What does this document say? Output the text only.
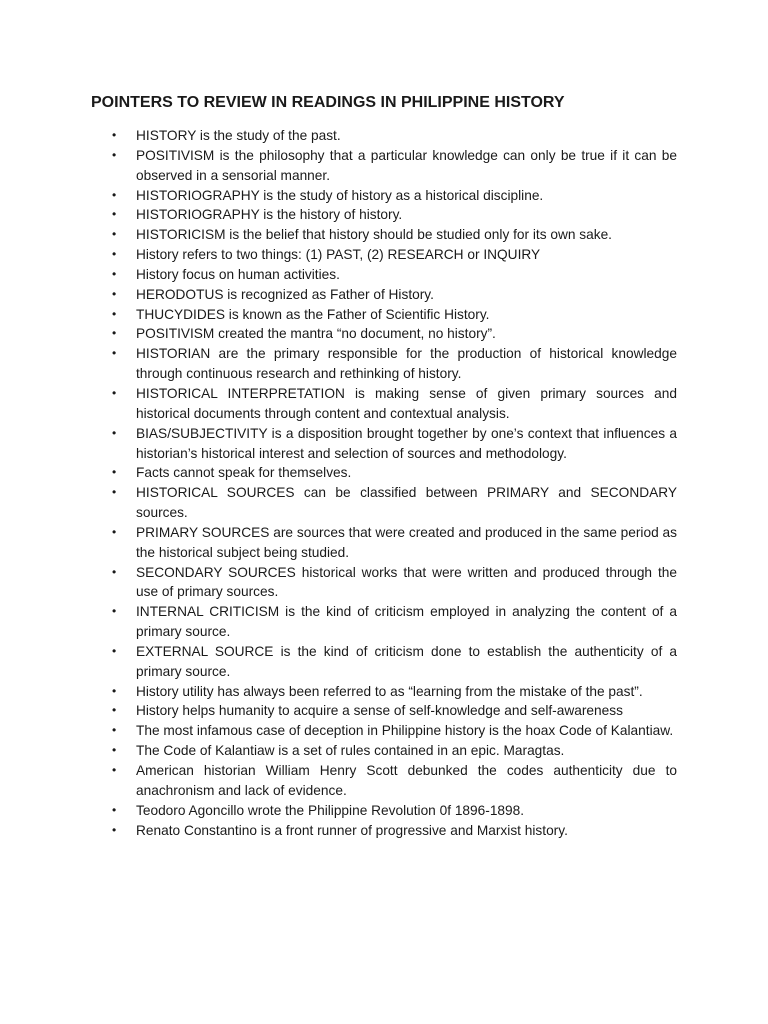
POINTERS TO REVIEW IN READINGS IN PHILIPPINE HISTORY
• HISTORY is the study of the past.
• POSITIVISM is the philosophy that a particular knowledge can only be true if it can be observed in a sensorial manner.
• HISTORIOGRAPHY is the study of history as a historical discipline.
• HISTORIOGRAPHY is the history of history.
• HISTORICISM is the belief that history should be studied only for its own sake.
• History refers to two things: (1) PAST, (2) RESEARCH or INQUIRY
• History focus on human activities.
• HERODOTUS is recognized as Father of History.
• THUCYDIDES is known as the Father of Scientific History.
• POSITIVISM created the mantra “no document, no history”.
• HISTORIAN are the primary responsible for the production of historical knowledge through continuous research and rethinking of history.
• HISTORICAL INTERPRETATION is making sense of given primary sources and historical documents through content and contextual analysis.
• BIAS/SUBJECTIVITY is a disposition brought together by one’s context that influences a historian’s historical interest and selection of sources and methodology.
• Facts cannot speak for themselves.
• HISTORICAL SOURCES can be classified between PRIMARY and SECONDARY sources.
• PRIMARY SOURCES are sources that were created and produced in the same period as the historical subject being studied.
• SECONDARY SOURCES historical works that were written and produced through the use of primary sources.
• INTERNAL CRITICISM is the kind of criticism employed in analyzing the content of a primary source.
• EXTERNAL SOURCE is the kind of criticism done to establish the authenticity of a primary source.
• History utility has always been referred to as “learning from the mistake of the past”.
• History helps humanity to acquire a sense of self-knowledge and self-awareness
• The most infamous case of deception in Philippine history is the hoax Code of Kalantiaw.
• The Code of Kalantiaw is a set of rules contained in an epic. Maragtas.
• American historian William Henry Scott debunked the codes authenticity due to anachronism and lack of evidence.
• Teodoro Agoncillo wrote the Philippine Revolution 0f 1896-1898.
• Renato Constantino is a front runner of progressive and Marxist history.
